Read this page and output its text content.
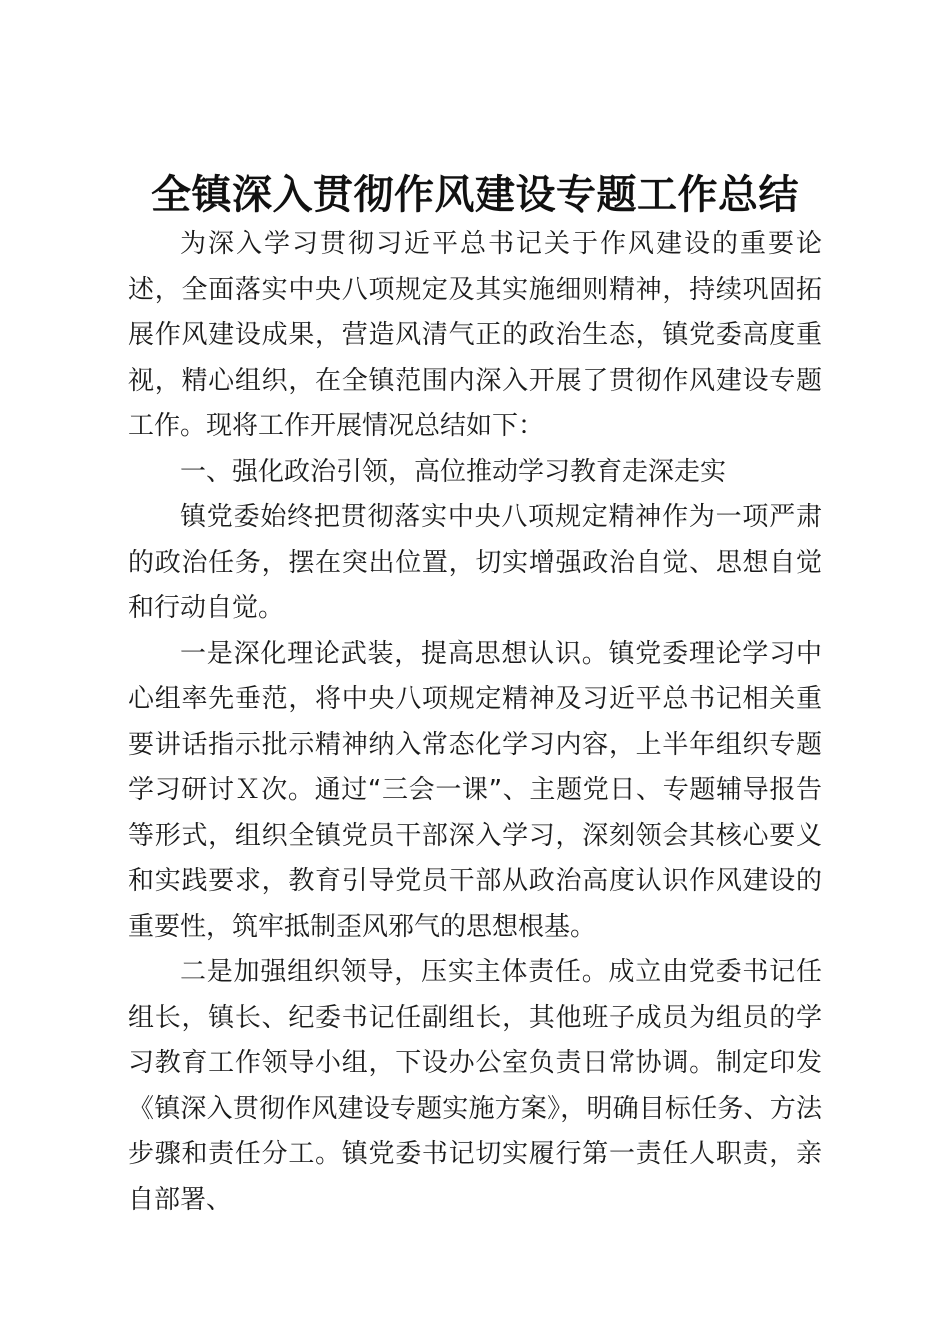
全镇深入贯彻作风建设专题工作总结

为深入学习贯彻习近平总书记关于作风建设的重要论述，全面落实中央八项规定及其实施细则精神，持续巩固拓展作风建设成果，营造风清气正的政治生态，镇党委高度重视，精心组织，在全镇范围内深入开展了贯彻作风建设专题工作。现将工作开展情况总结如下：

一、强化政治引领，高位推动学习教育走深走实

镇党委始终把贯彻落实中央八项规定精神作为一项严肃的政治任务，摆在突出位置，切实增强政治自觉、思想自觉和行动自觉。

一是深化理论武装，提高思想认识。镇党委理论学习中心组率先垂范，将中央八项规定精神及习近平总书记相关重要讲话指示批示精神纳入常态化学习内容，上半年组织专题学习研讨Ｘ次。通过“三会一课”、主题党日、专题辅导报告等形式，组织全镇党员干部深入学习，深刻领会其核心要义和实践要求，教育引导党员干部从政治高度认识作风建设的重要性，筑牢抵制歪风邪气的思想根基。

二是加强组织领导，压实主体责任。成立由党委书记任组长，镇长、纪委书记任副组长，其他班子成员为组员的学习教育工作领导小组，下设办公室负责日常协调。制定印发《镇深入贯彻作风建设专题实施方案》，明确目标任务、方法步骤和责任分工。镇党委书记切实履行第一责任人职责，亲自部署、
